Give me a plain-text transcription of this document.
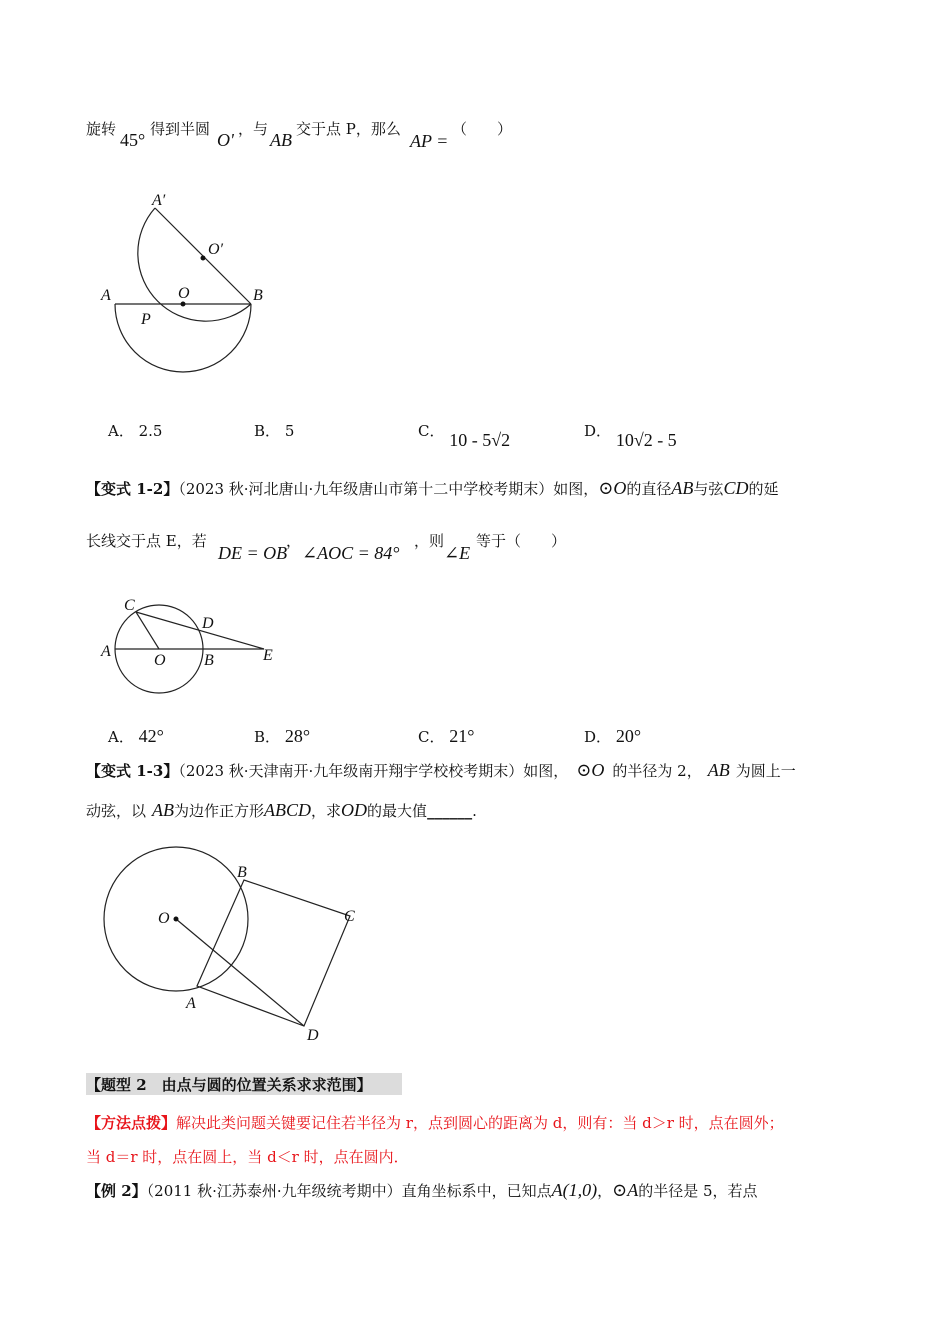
旋转
45°
得到半圆
O'
，与
AB
交于点 P，那么
AP =
（　　）
A′
O′
A	O	B
P
A． 2.5	B． 5	C． 10 - 5√2	D． 10√2 - 5
【变式 1-2】（2023 秋·河北唐山·九年级唐山市第十二中学校考期末）如图，⊙O的直径AB与弦CD的延
长线交于点 E，若
DE = OB
，
∠AOC = 84°
，则
∠E
等于（　　）
C
D
A
O B	E
A． 42°	B． 28°	C． 21°	D． 20°
【变式 1-3】（2023 秋·天津南开·九年级南开翔宇学校校考期末）如图， ⊙O 的半径为 2， AB 为圆上一
动弦，以 AB为边作正方形ABCD，求OD的最大值______.
O
B
C
A
D
【题型 2　由点与圆的位置关系求求范围】
【方法点拨】解决此类问题关键要记住若半径为 r，点到圆心的距离为 d，则有：当 d＞r 时，点在圆外；
当 d＝r 时，点在圆上，当 d＜r 时，点在圆内．
【例 2】（2011 秋·江苏泰州·九年级统考期中）直角坐标系中，已知点A(1,0)，⊙A的半径是 5，若点
